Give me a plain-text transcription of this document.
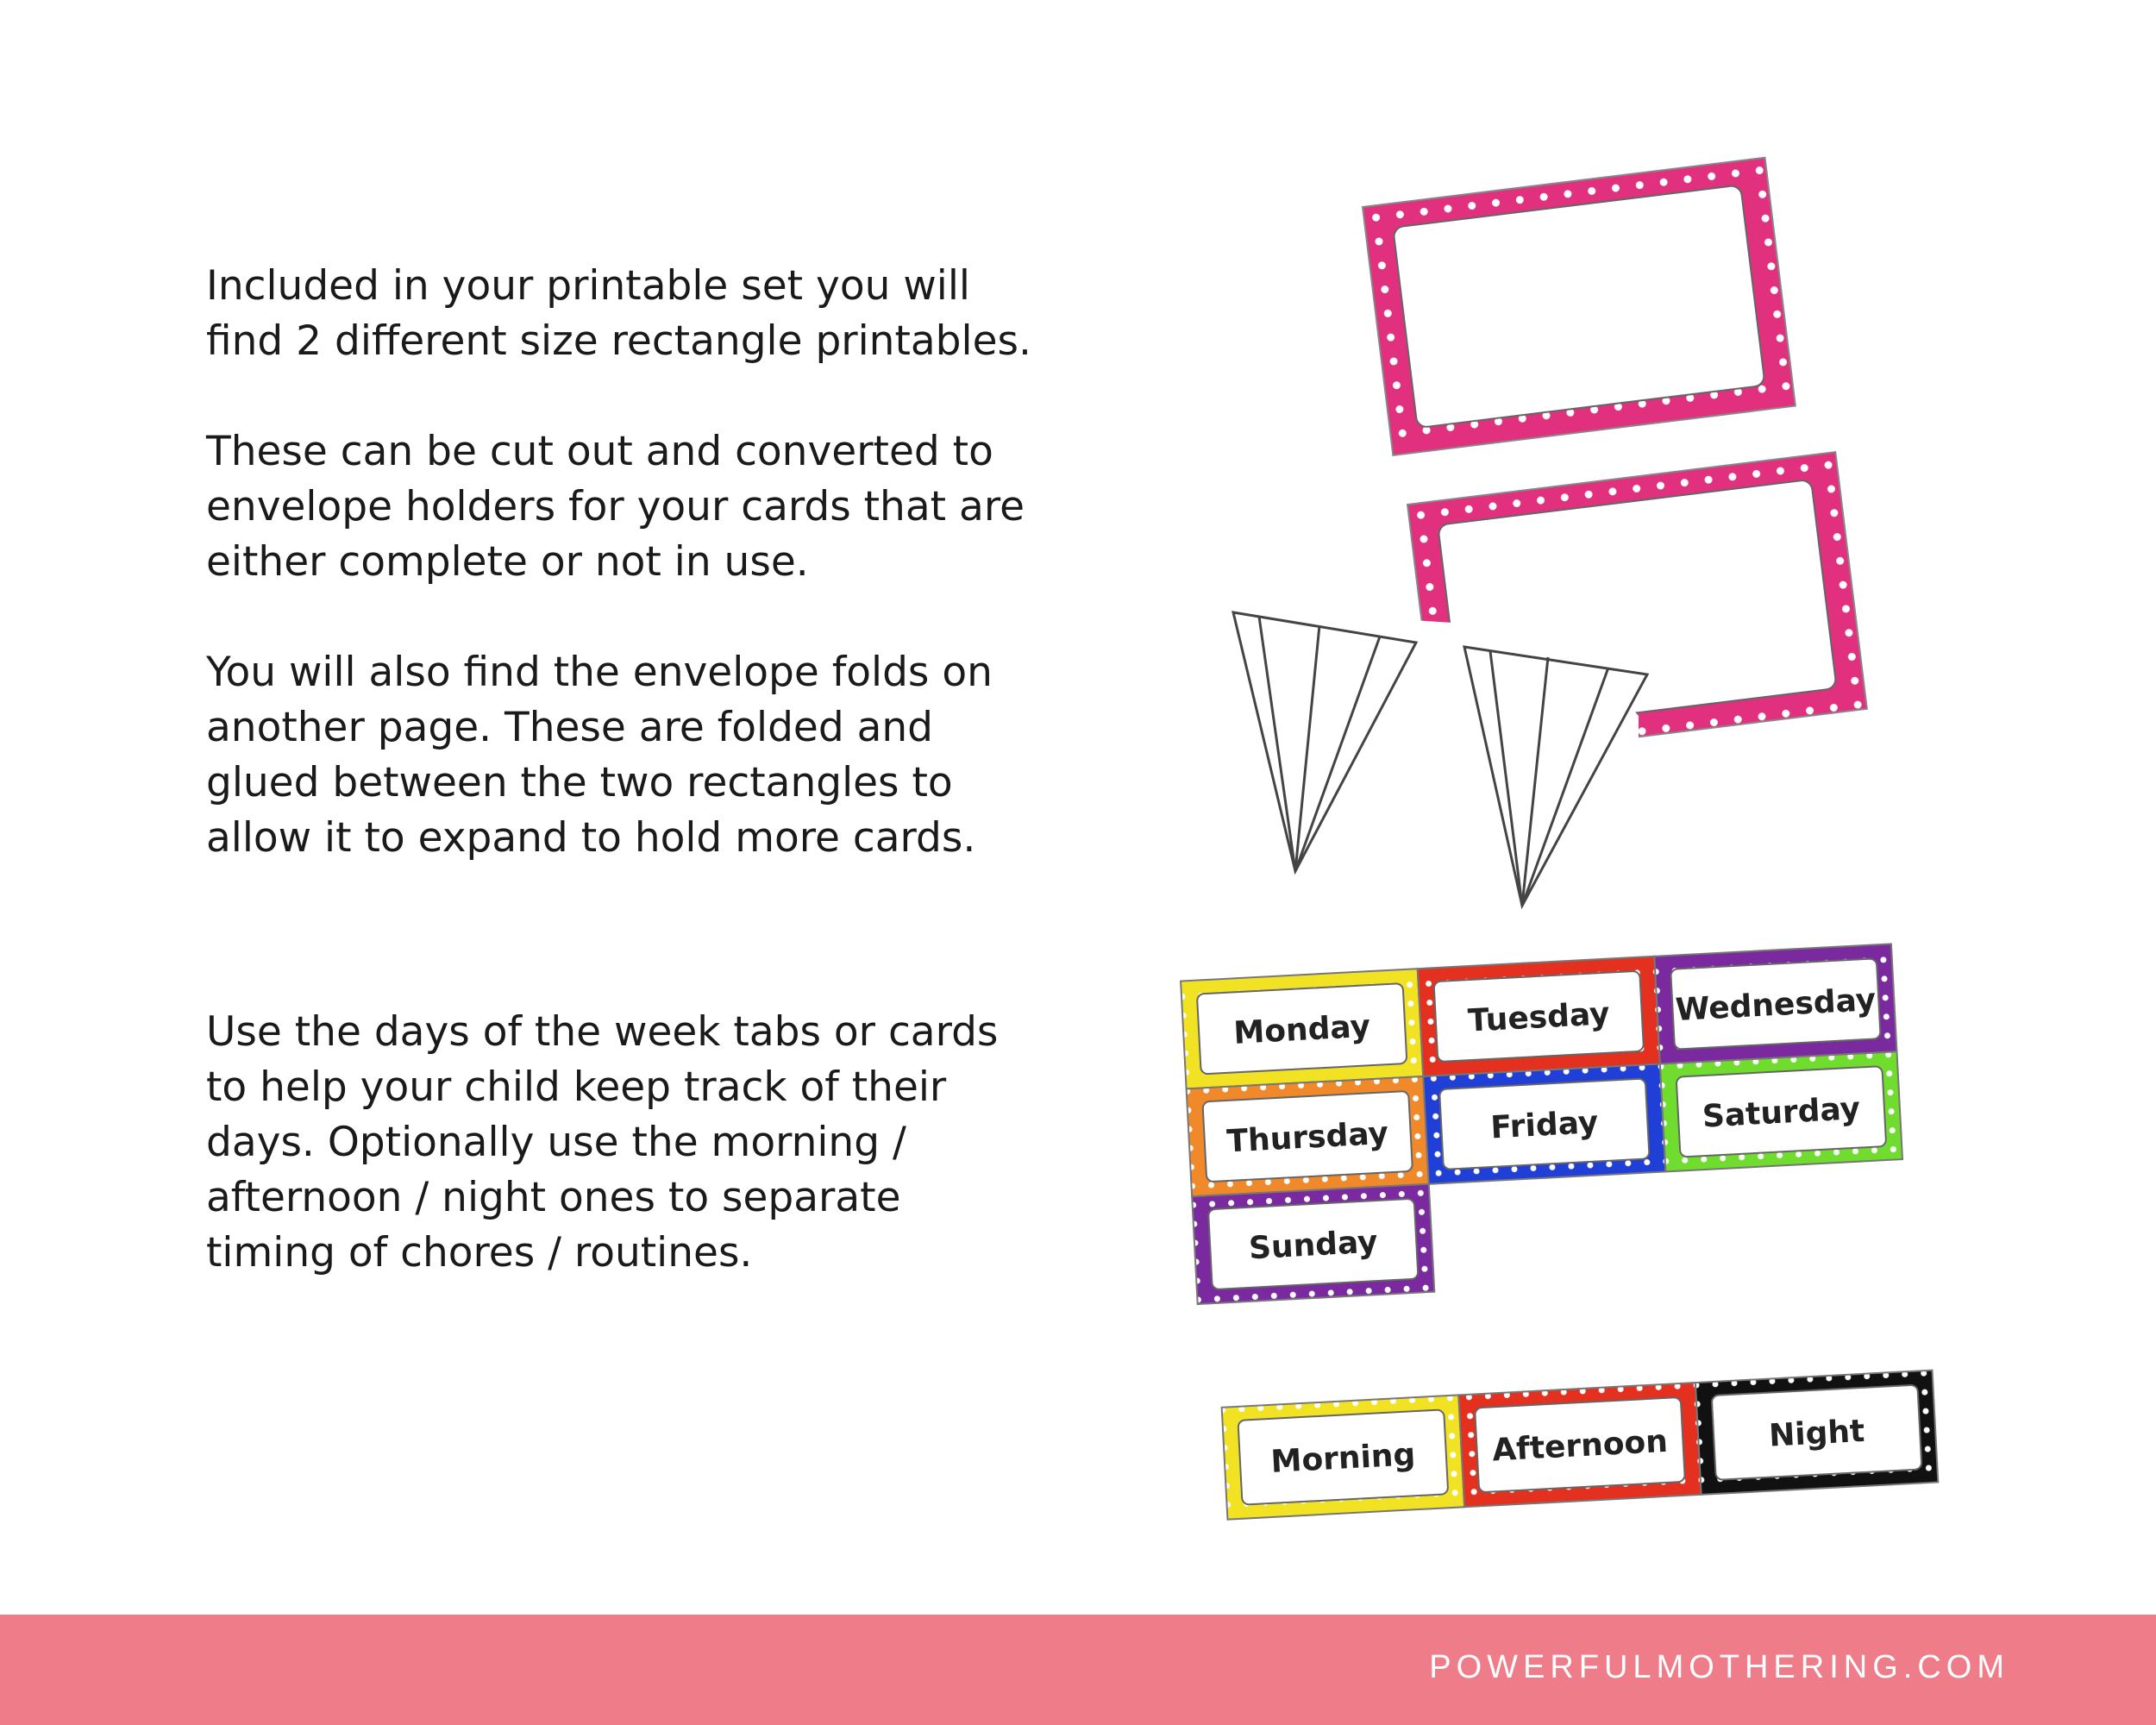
Included in your printable set you will

find 2 different size rectangle printables.

These can be cut out and converted to

envelope holders for your cards that are

either complete or not in use.

You will also find the envelope folds on

another page. These are folded and

glued between the two rectangles to

allow it to expand to hold more cards.

Use the days of the week tabs or cards

to help your child keep track of their

days. Optionally use the morning /

afternoon / night ones to separate

timing of chores / routines.

Monday	Tuesday Wednesday
Thursday	Friday	Saturday
Sunday
Morning Afternoon	Night
POWERFULMOTHERING.COM
